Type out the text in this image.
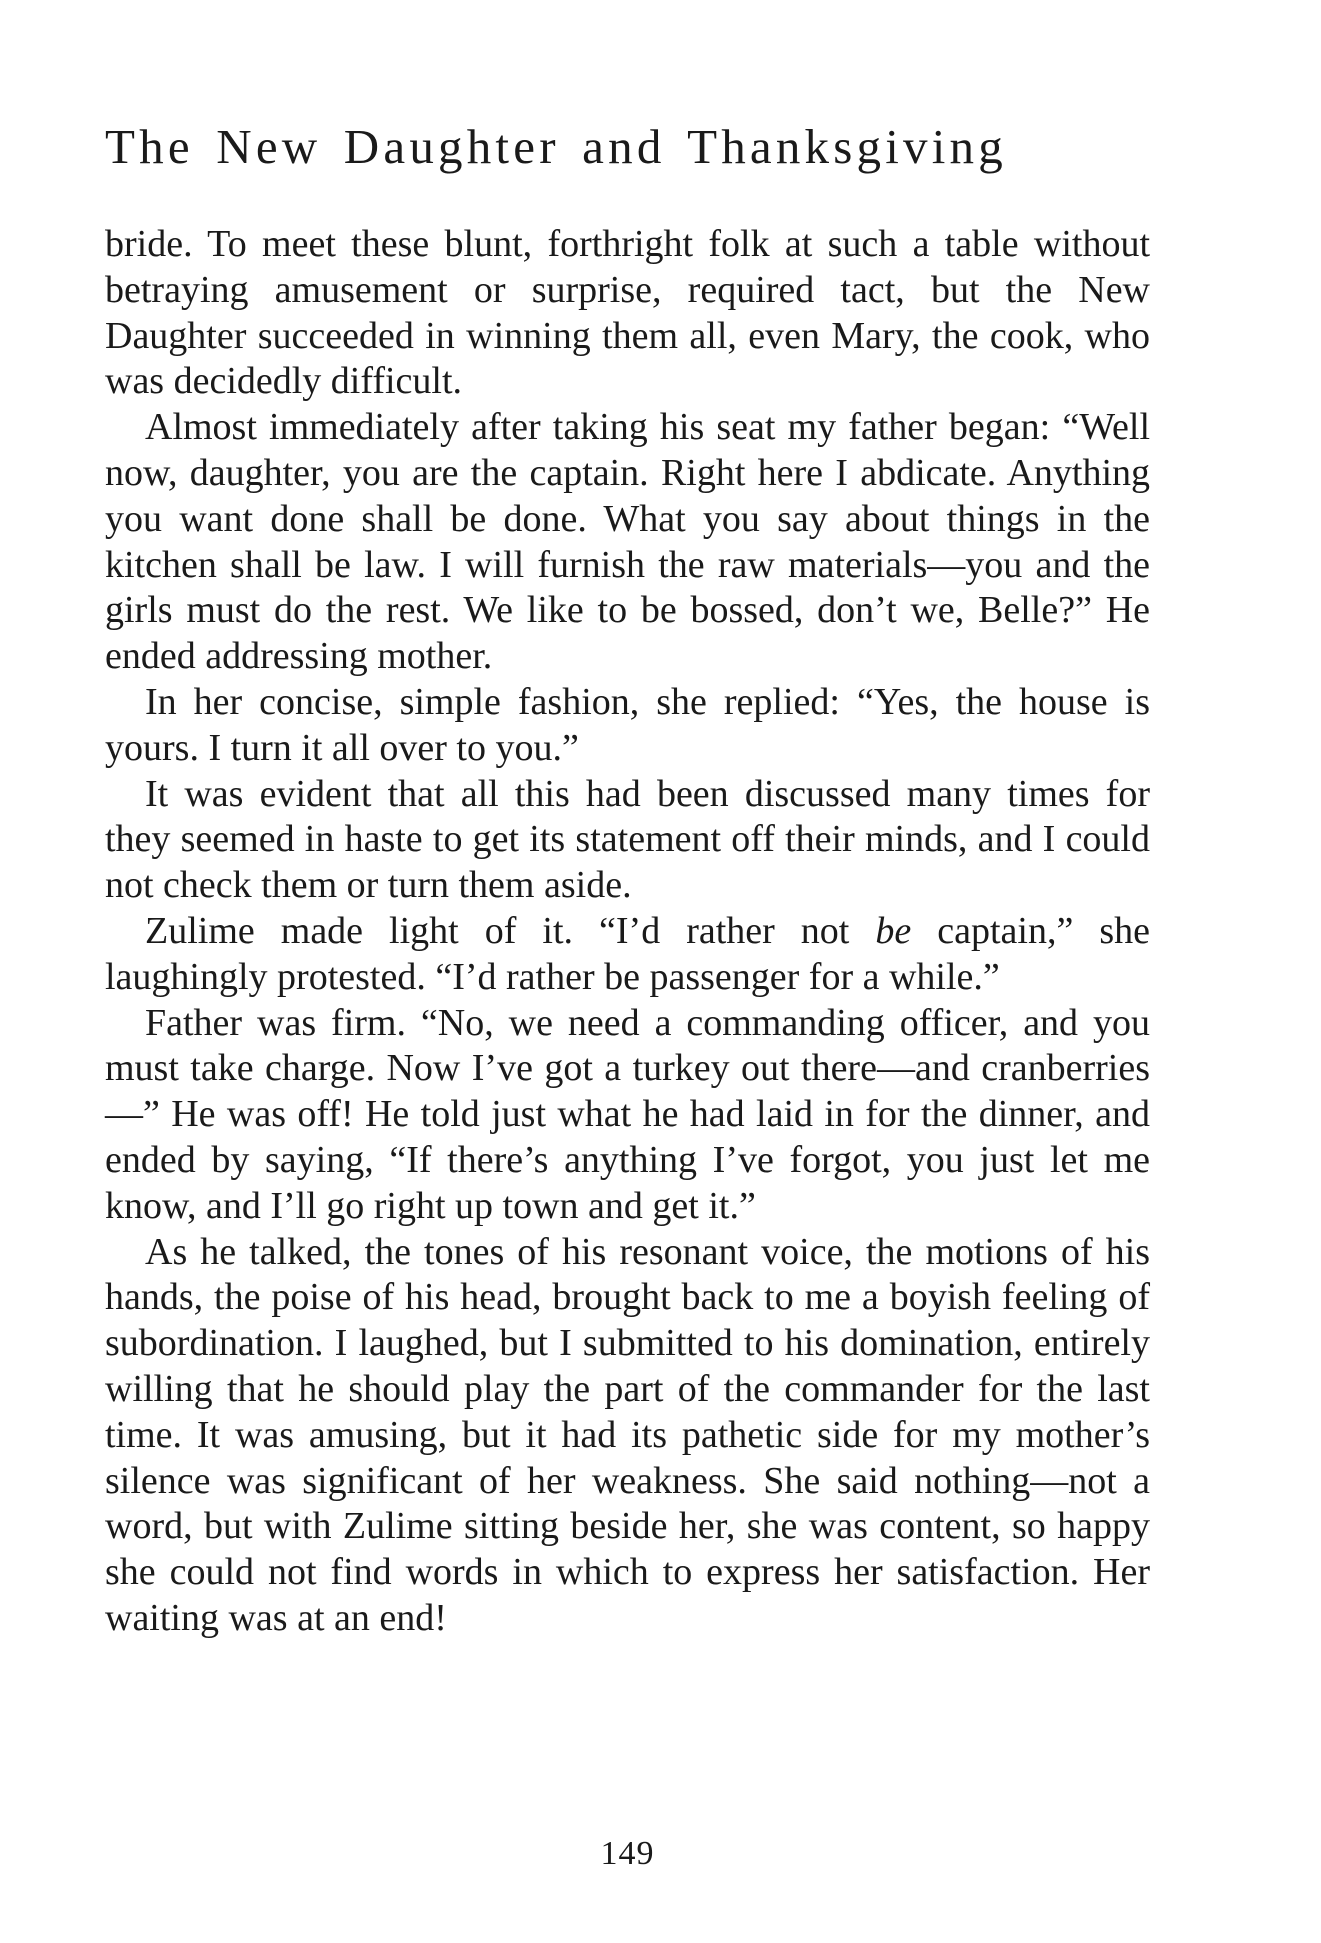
The New Daughter and Thanksgiving

bride. To meet these blunt, forthright folk at such a table without betraying amusement or surprise, required tact, but the New Daughter succeeded in winning them all, even Mary, the cook, who was decidedly difficult.

Almost immediately after taking his seat my father began: “Well now, daughter, you are the captain. Right here I abdicate. Anything you want done shall be done. What you say about things in the kitchen shall be law. I will furnish the raw materials—you and the girls must do the rest. We like to be bossed, don’t we, Belle?” He ended addressing mother.

In her concise, simple fashion, she replied: “Yes, the house is yours. I turn it all over to you.”

It was evident that all this had been discussed many times for they seemed in haste to get its statement off their minds, and I could not check them or turn them aside.

Zulime made light of it. “I’d rather not be captain,” she laughingly protested. “I’d rather be passenger for a while.”

Father was firm. “No, we need a commanding officer, and you must take charge. Now I’ve got a turkey out there—and cranberries—” He was off! He told just what he had laid in for the dinner, and ended by saying, “If there’s anything I’ve forgot, you just let me know, and I’ll go right up town and get it.”

As he talked, the tones of his resonant voice, the motions of his hands, the poise of his head, brought back to me a boyish feeling of subordination. I laughed, but I submitted to his domination, entirely willing that he should play the part of the commander for the last time. It was amusing, but it had its pathetic side for my mother’s silence was significant of her weakness. She said nothing—not a word, but with Zulime sitting beside her, she was content, so happy she could not find words in which to express her satisfaction. Her waiting was at an end!

149
